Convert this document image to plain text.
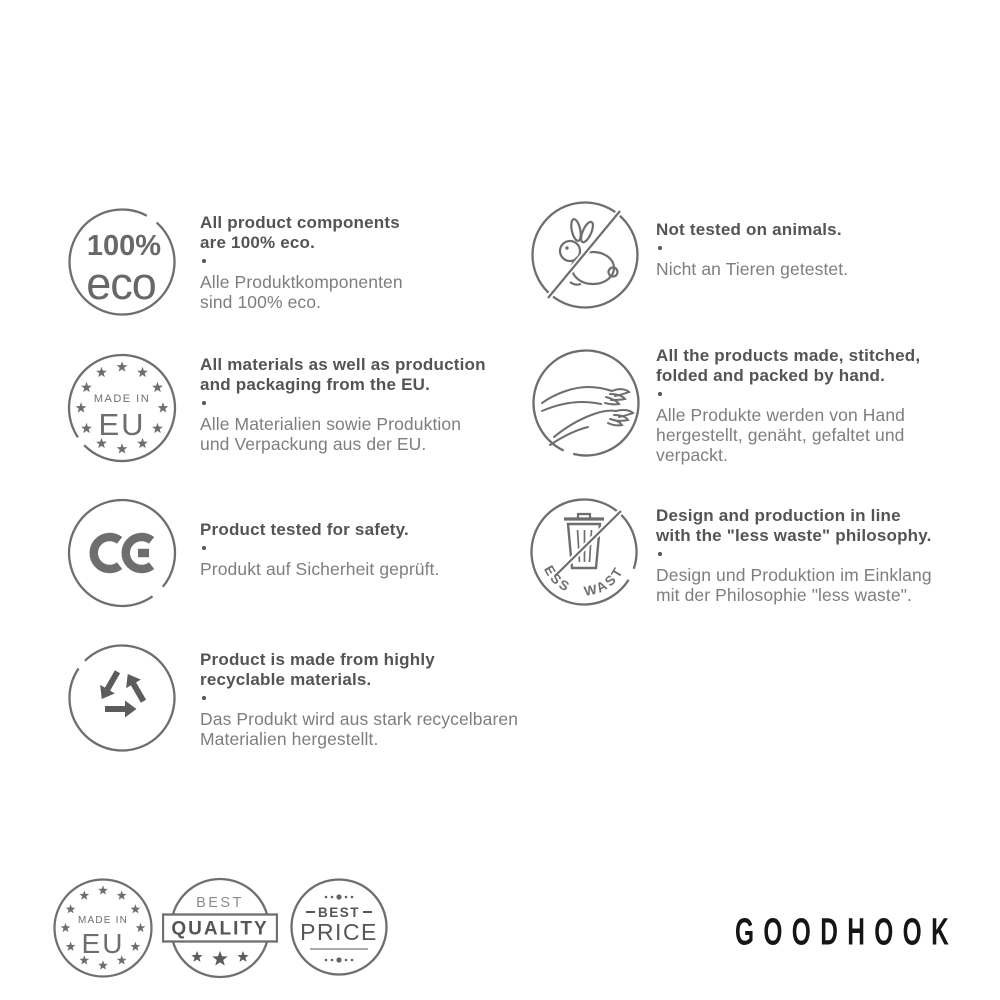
100%
eco
All product components
are 100% eco.
Alle Produktkomponenten
sind 100% eco.
Not tested on animals.
Nicht an Tieren getestet.
MADE IN
EU
All materials as well as production
and packaging from the EU.
Alle Materialien sowie Produktion
und Verpackung aus der EU.
All the products made, stitched,
folded and packed by hand.
Alle Produkte werden von Hand
hergestellt, genäht, gefaltet und
verpackt.
Product tested for safety.
Produkt auf Sicherheit geprüft.
LESS WASTE
Design and production in line
with the "less waste" philosophy.
Design und Produktion im Einklang
mit der Philosophie "less waste".
Product is made from highly
recyclable materials.
Das Produkt wird aus stark recycelbaren
Materialien hergestellt.
MADE IN
EU
BEST
QUALITY
BEST
PRICE	GOODHOOK
